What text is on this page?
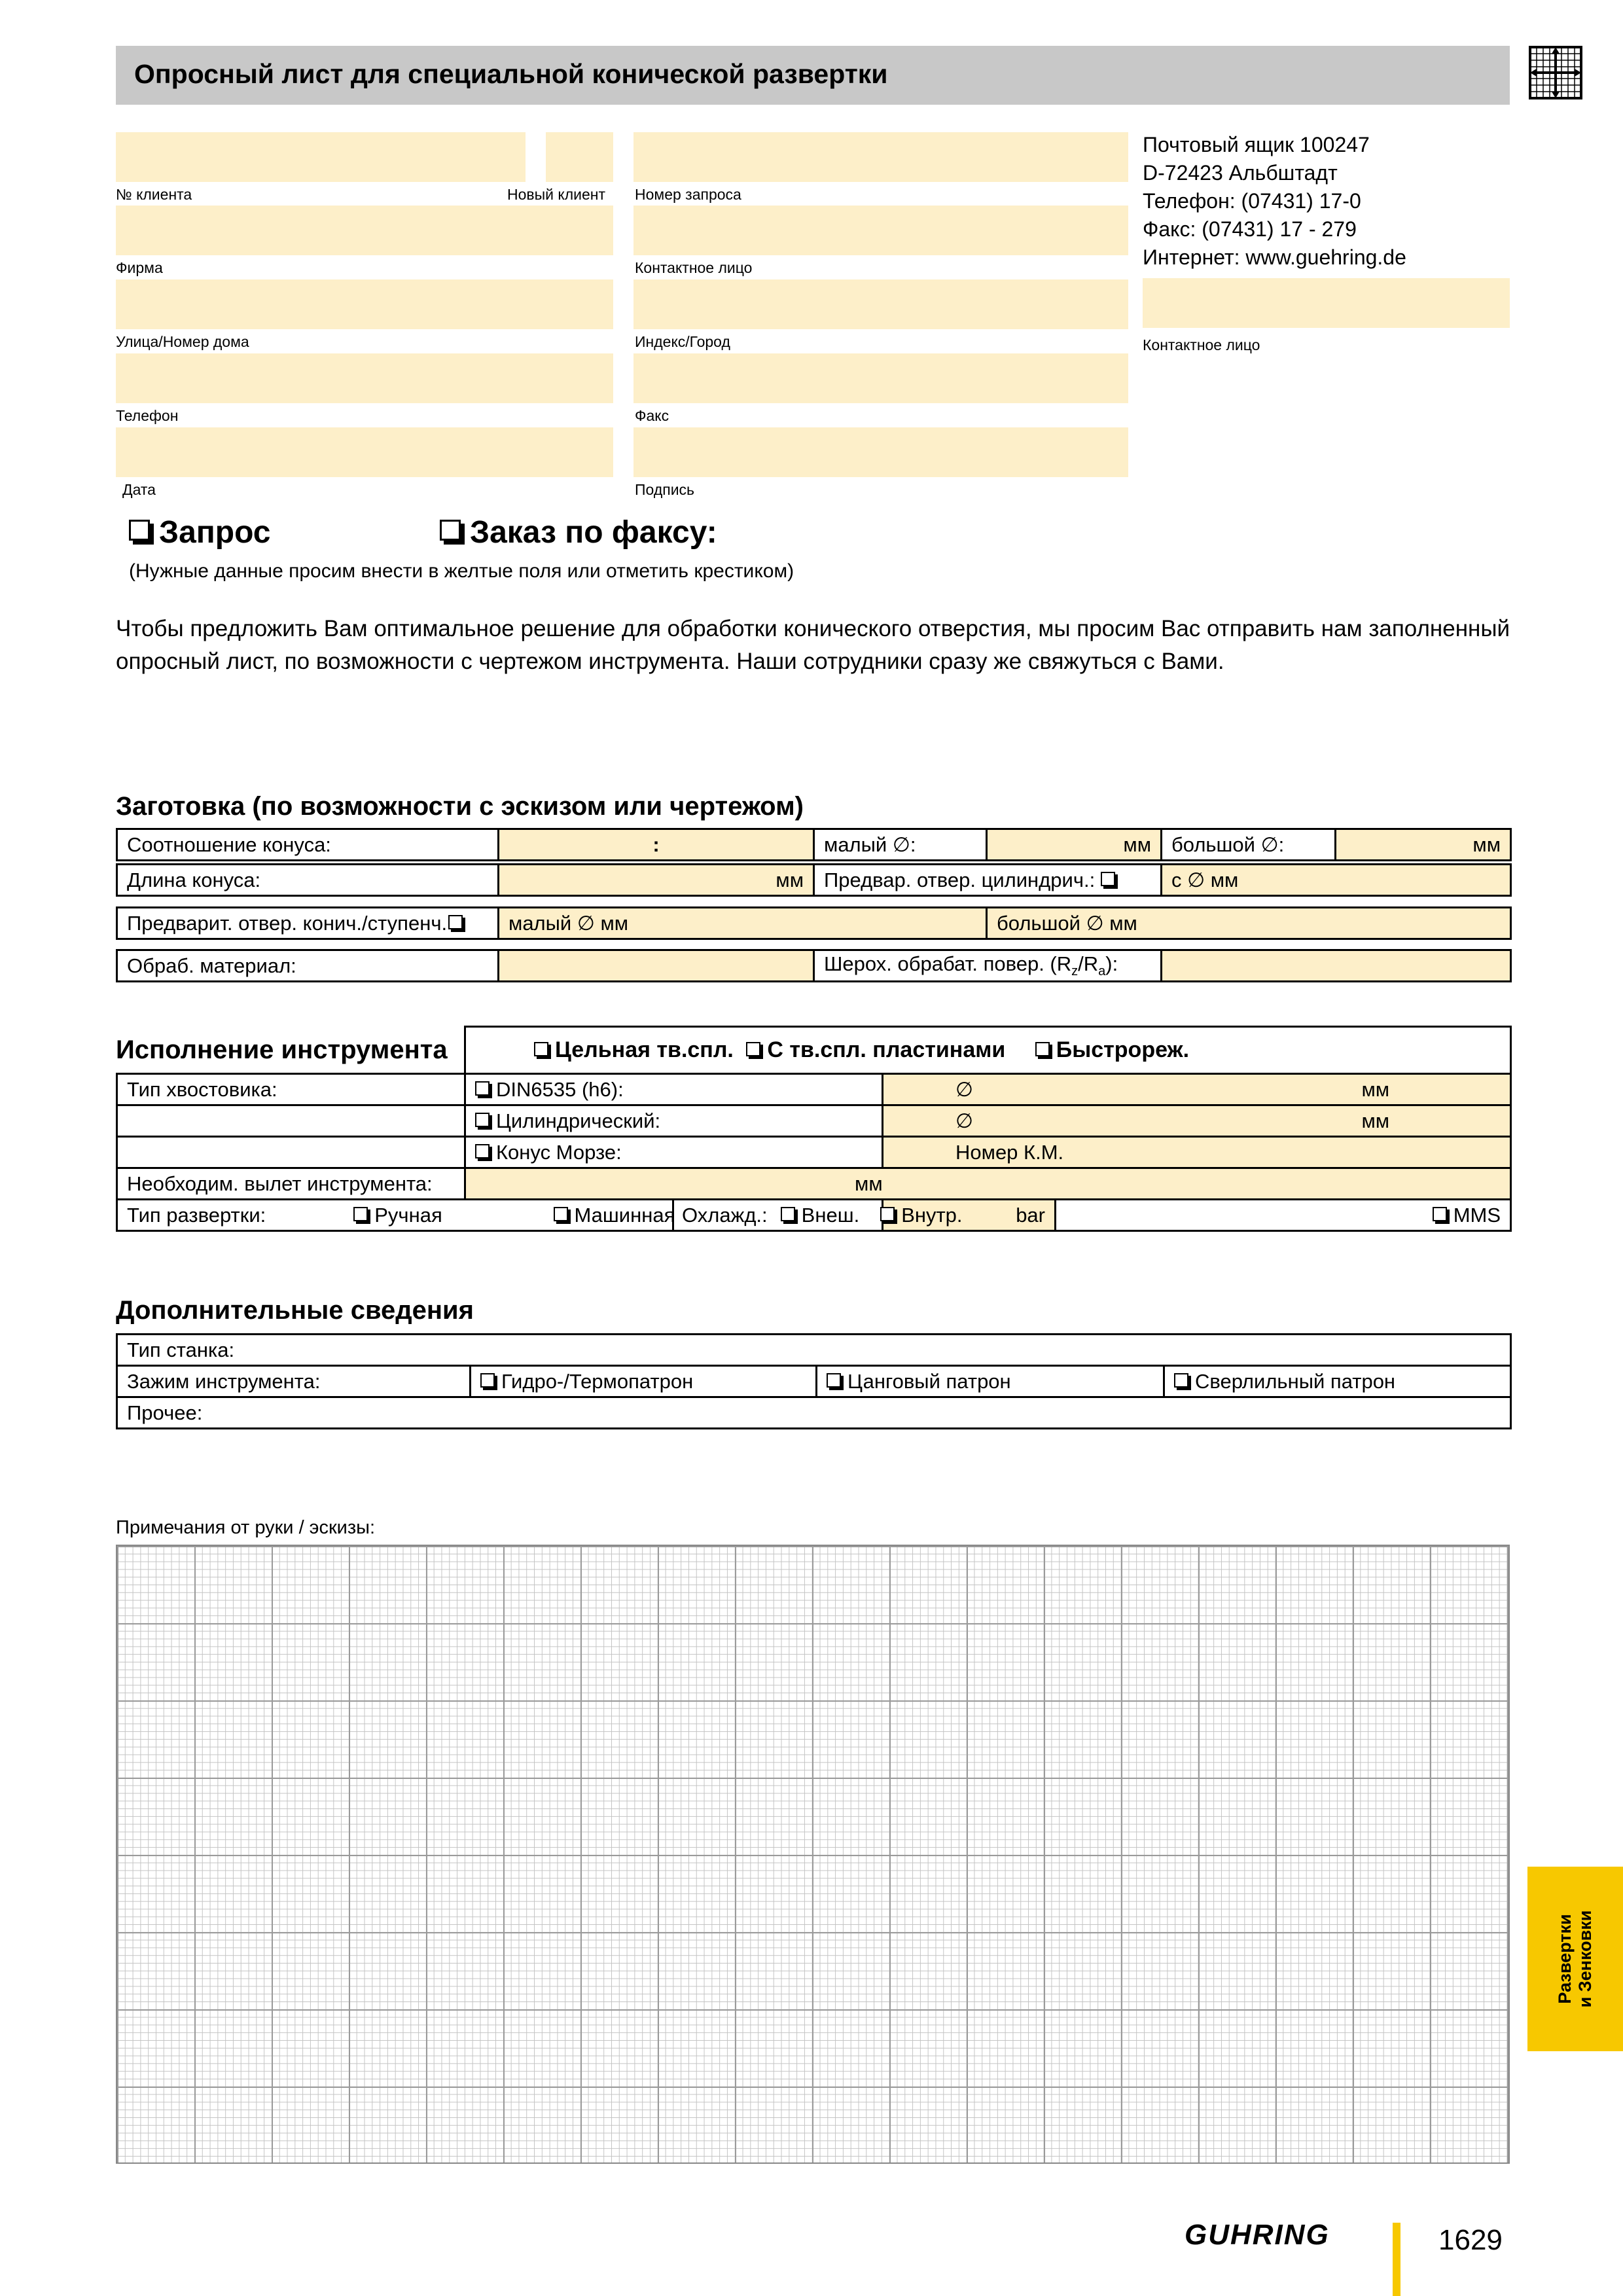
Опросный лист для специальной конической развертки
№ клиента	Новый клиент
Фирма
Улица/Номер дома
Телефон
Дата
Номер запроса
Контактное лицо
Индекс/Город
Факс
Подпись
Почтовый ящик 100247
D-72423 Альбштадт
Телефон: (07431) 17-0
Факс: (07431) 17 - 279
Интернет: www.guehring.de
Контактное лицо
Запрос	Заказ по факсу:
(Нужные данные просим внести в желтые поля или отметить крестиком)
Чтобы предложить Вам оптимальное решение для обработки конического отверстия, мы просим Вас отправить нам заполненный опросный лист, по возможности с чертежом инструмента. Наши сотрудники сразу же свяжуться с Вами.
Заготовка (по возможности с эскизом или чертежом)
Соотношение конуса:	:	малый ∅:	мм	большой ∅:	мм
Длина конуса:	мм	Предвар. отвер. цилиндрич.:	с ∅ мм
Предварит. отвер. конич./ступенч.	малый ∅ мм	большой ∅ мм
Обраб. материал:		Шерох. обрабат. повер. $(R_z/R_a)$:	
Исполнение инструмента
		Цельная тв.спл. С тв.спл. пластинами Быстрореж.				
Тип хвостовика:	DIN6535 (h6):			∅ мм	

	Цилиндрический:			∅ мм	

	Конус Морзе:			Номер К.М.	
Необходим. вылет инструмента:	мм				
Тип развертки: Ручная		Машинная	Охлажд.: Внеш. Внутр.	bar	MMS
Дополнительные сведения
Тип станка:
Зажим инструмента:	Гидро-/Термопатрон	Цанговый патрон	Сверлильный патрон
Прочее:
Примечания от руки / эскизы:
Развертки и Зенковки
GUHRING	1629
